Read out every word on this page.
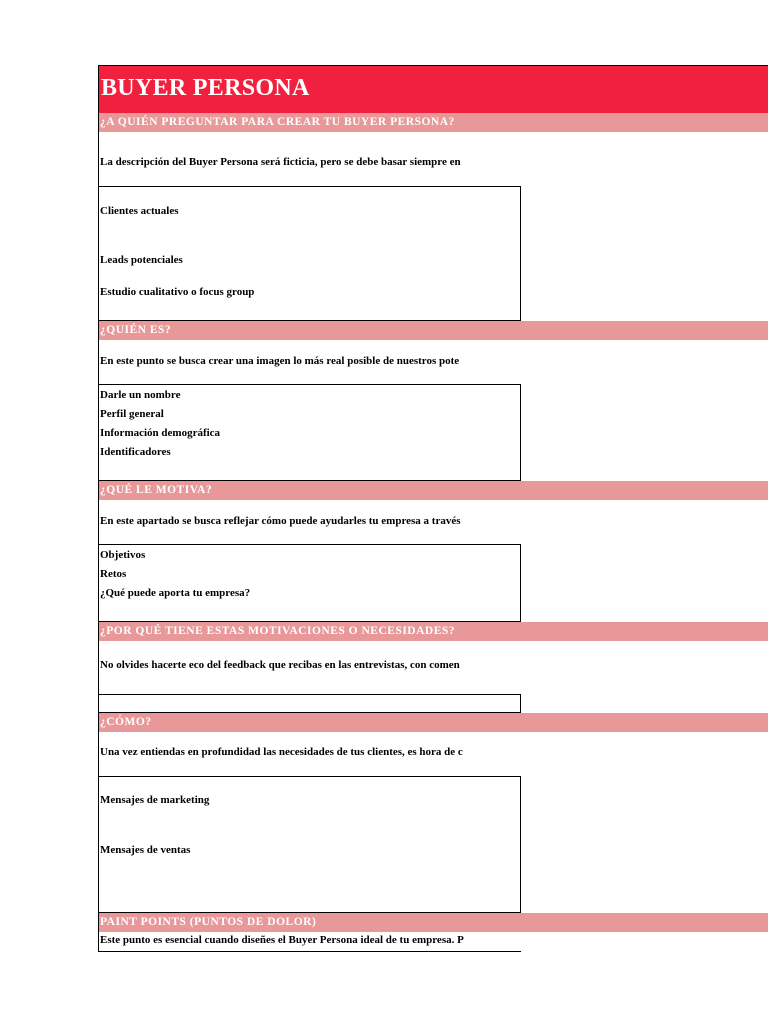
BUYER PERSONA
¿A QUIÉN PREGUNTAR PARA CREAR TU BUYER PERSONA?
La descripción del Buyer Persona será ficticia, pero se debe basar siempre en
Clientes actuales
Leads potenciales
Estudio cualitativo o focus group
¿QUIÉN ES?
En este punto se busca crear una imagen lo más real posible de nuestros pote
Darle un nombre
Perfil general
Información demográfica
Identificadores
¿QUÉ LE MOTIVA?
En este apartado se busca reflejar cómo puede ayudarles tu empresa a través
Objetivos
Retos
¿Qué puede aporta tu empresa?
¿POR QUÉ TIENE ESTAS MOTIVACIONES O NECESIDADES?
No olvides hacerte eco del feedback que recibas en las entrevistas, con comen
¿CÓMO?
Una vez entiendas en profundidad las necesidades de tus clientes, es hora de c
Mensajes de marketing
Mensajes de ventas
PAINT POINTS (PUNTOS DE DOLOR)
Este punto es esencial cuando diseñes el Buyer Persona ideal de tu empresa. P
